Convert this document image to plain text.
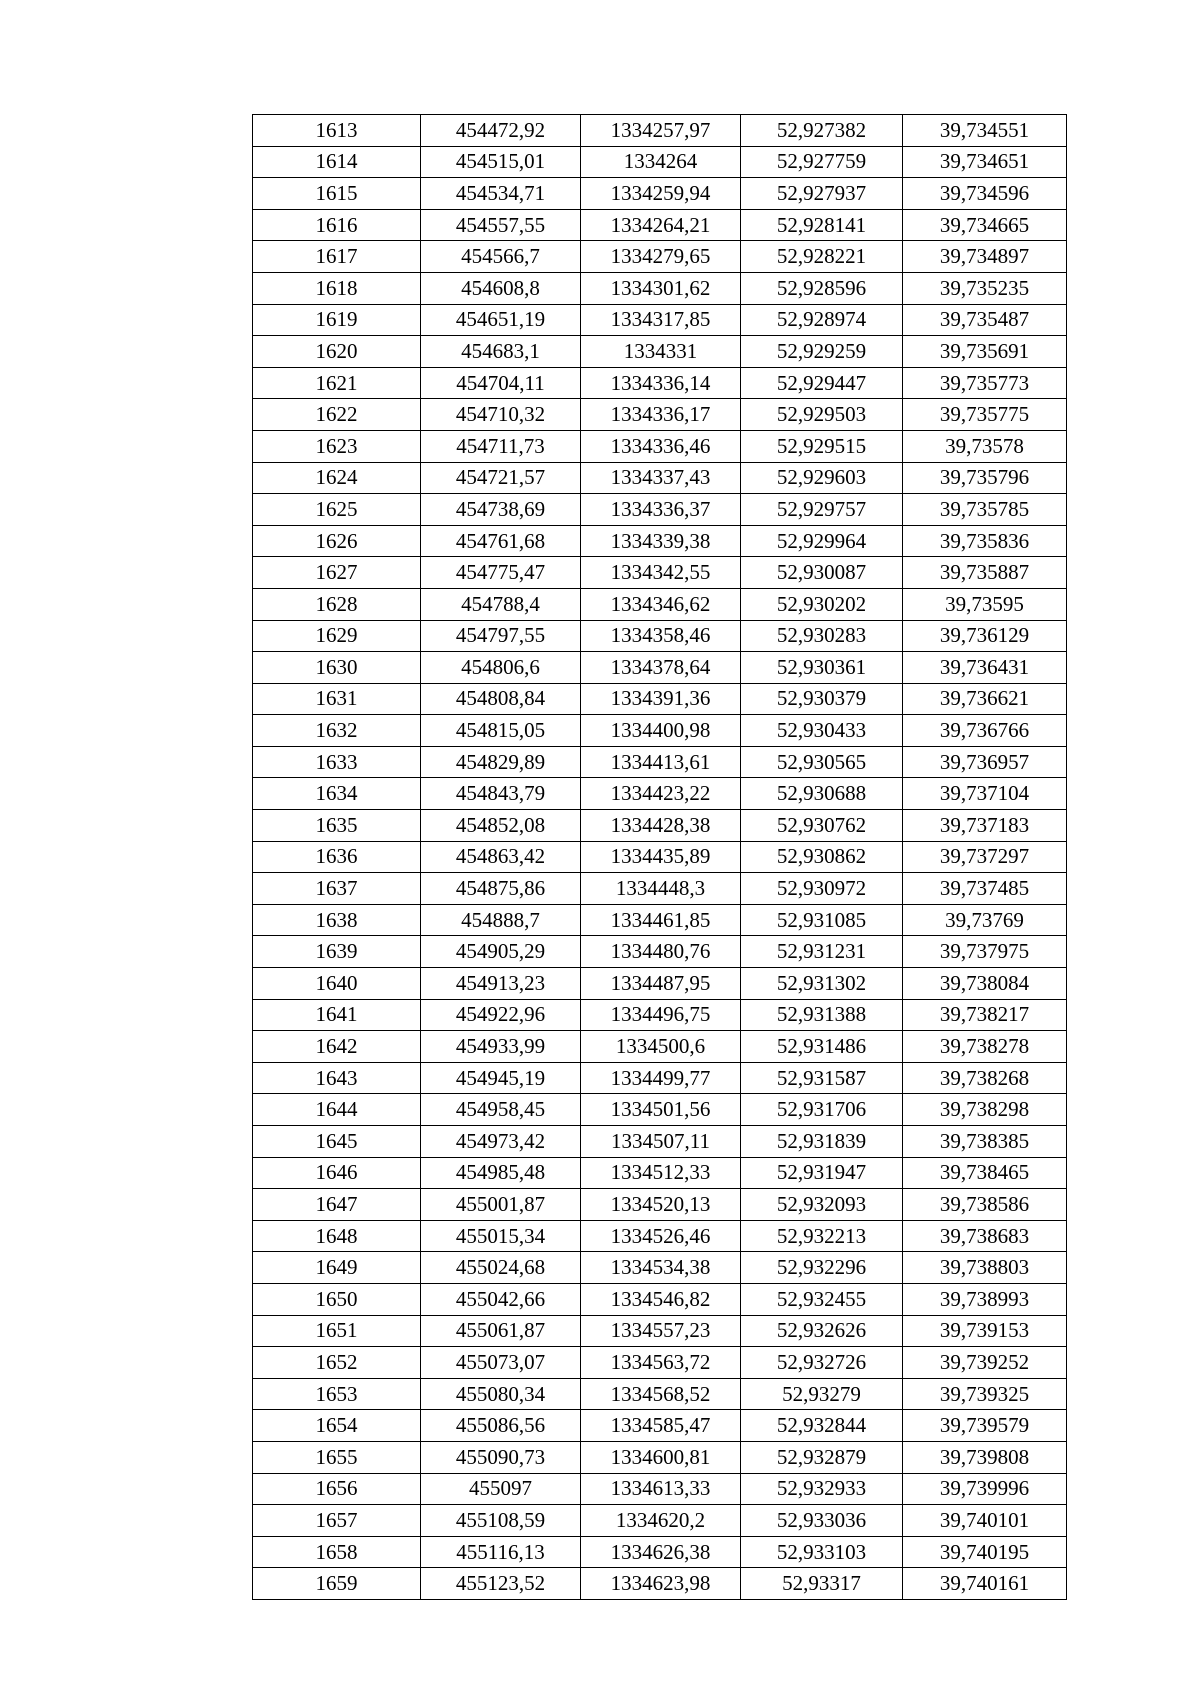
1613	454472,92	1334257,97	52,927382	39,734551
1614	454515,01	1334264	52,927759	39,734651
1615	454534,71	1334259,94	52,927937	39,734596
1616	454557,55	1334264,21	52,928141	39,734665
1617	454566,7	1334279,65	52,928221	39,734897
1618	454608,8	1334301,62	52,928596	39,735235
1619	454651,19	1334317,85	52,928974	39,735487
1620	454683,1	1334331	52,929259	39,735691
1621	454704,11	1334336,14	52,929447	39,735773
1622	454710,32	1334336,17	52,929503	39,735775
1623	454711,73	1334336,46	52,929515	39,73578
1624	454721,57	1334337,43	52,929603	39,735796
1625	454738,69	1334336,37	52,929757	39,735785
1626	454761,68	1334339,38	52,929964	39,735836
1627	454775,47	1334342,55	52,930087	39,735887
1628	454788,4	1334346,62	52,930202	39,73595
1629	454797,55	1334358,46	52,930283	39,736129
1630	454806,6	1334378,64	52,930361	39,736431
1631	454808,84	1334391,36	52,930379	39,736621
1632	454815,05	1334400,98	52,930433	39,736766
1633	454829,89	1334413,61	52,930565	39,736957
1634	454843,79	1334423,22	52,930688	39,737104
1635	454852,08	1334428,38	52,930762	39,737183
1636	454863,42	1334435,89	52,930862	39,737297
1637	454875,86	1334448,3	52,930972	39,737485
1638	454888,7	1334461,85	52,931085	39,73769
1639	454905,29	1334480,76	52,931231	39,737975
1640	454913,23	1334487,95	52,931302	39,738084
1641	454922,96	1334496,75	52,931388	39,738217
1642	454933,99	1334500,6	52,931486	39,738278
1643	454945,19	1334499,77	52,931587	39,738268
1644	454958,45	1334501,56	52,931706	39,738298
1645	454973,42	1334507,11	52,931839	39,738385
1646	454985,48	1334512,33	52,931947	39,738465
1647	455001,87	1334520,13	52,932093	39,738586
1648	455015,34	1334526,46	52,932213	39,738683
1649	455024,68	1334534,38	52,932296	39,738803
1650	455042,66	1334546,82	52,932455	39,738993
1651	455061,87	1334557,23	52,932626	39,739153
1652	455073,07	1334563,72	52,932726	39,739252
1653	455080,34	1334568,52	52,93279	39,739325
1654	455086,56	1334585,47	52,932844	39,739579
1655	455090,73	1334600,81	52,932879	39,739808
1656	455097	1334613,33	52,932933	39,739996
1657	455108,59	1334620,2	52,933036	39,740101
1658	455116,13	1334626,38	52,933103	39,740195
1659	455123,52	1334623,98	52,93317	39,740161
